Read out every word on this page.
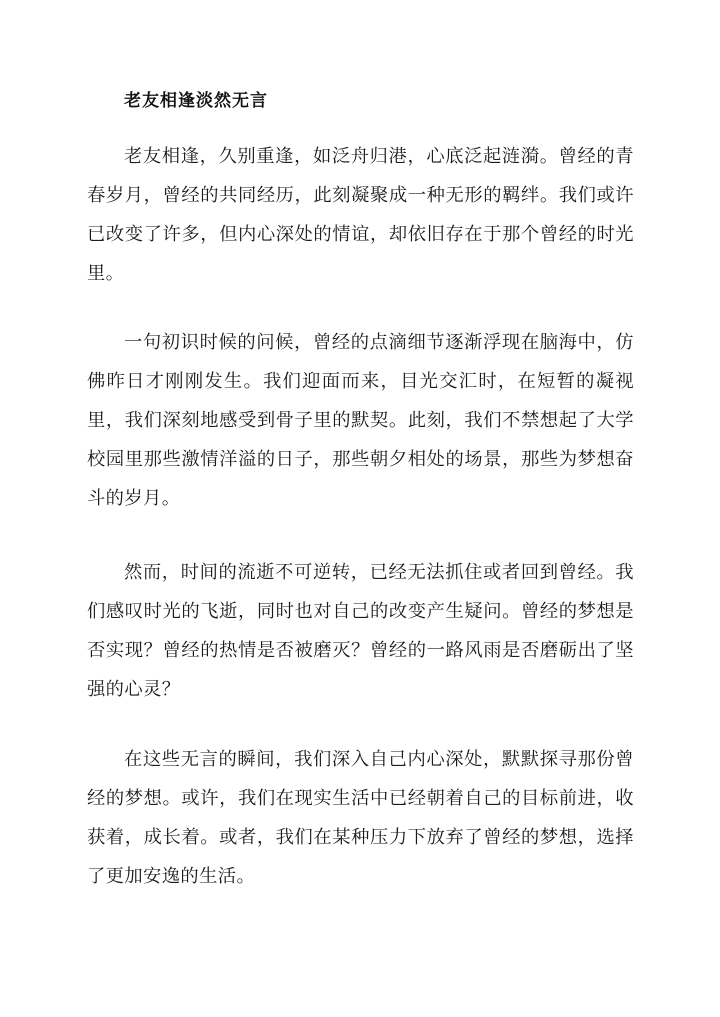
老友相逢淡然无言

老友相逢，久别重逢，如泛舟归港，心底泛起涟漪。曾经的青春岁月，曾经的共同经历，此刻凝聚成一种无形的羁绊。我们或许已改变了许多，但内心深处的情谊，却依旧存在于那个曾经的时光里。

一句初识时候的问候，曾经的点滴细节逐渐浮现在脑海中，仿佛昨日才刚刚发生。我们迎面而来，目光交汇时，在短暂的凝视里，我们深刻地感受到骨子里的默契。此刻，我们不禁想起了大学校园里那些激情洋溢的日子，那些朝夕相处的场景，那些为梦想奋斗的岁月。

然而，时间的流逝不可逆转，已经无法抓住或者回到曾经。我们感叹时光的飞逝，同时也对自己的改变产生疑问。曾经的梦想是否实现？曾经的热情是否被磨灭？曾经的一路风雨是否磨砺出了坚强的心灵？

在这些无言的瞬间，我们深入自己内心深处，默默探寻那份曾经的梦想。或许，我们在现实生活中已经朝着自己的目标前进，收获着，成长着。或者，我们在某种压力下放弃了曾经的梦想，选择了更加安逸的生活。
